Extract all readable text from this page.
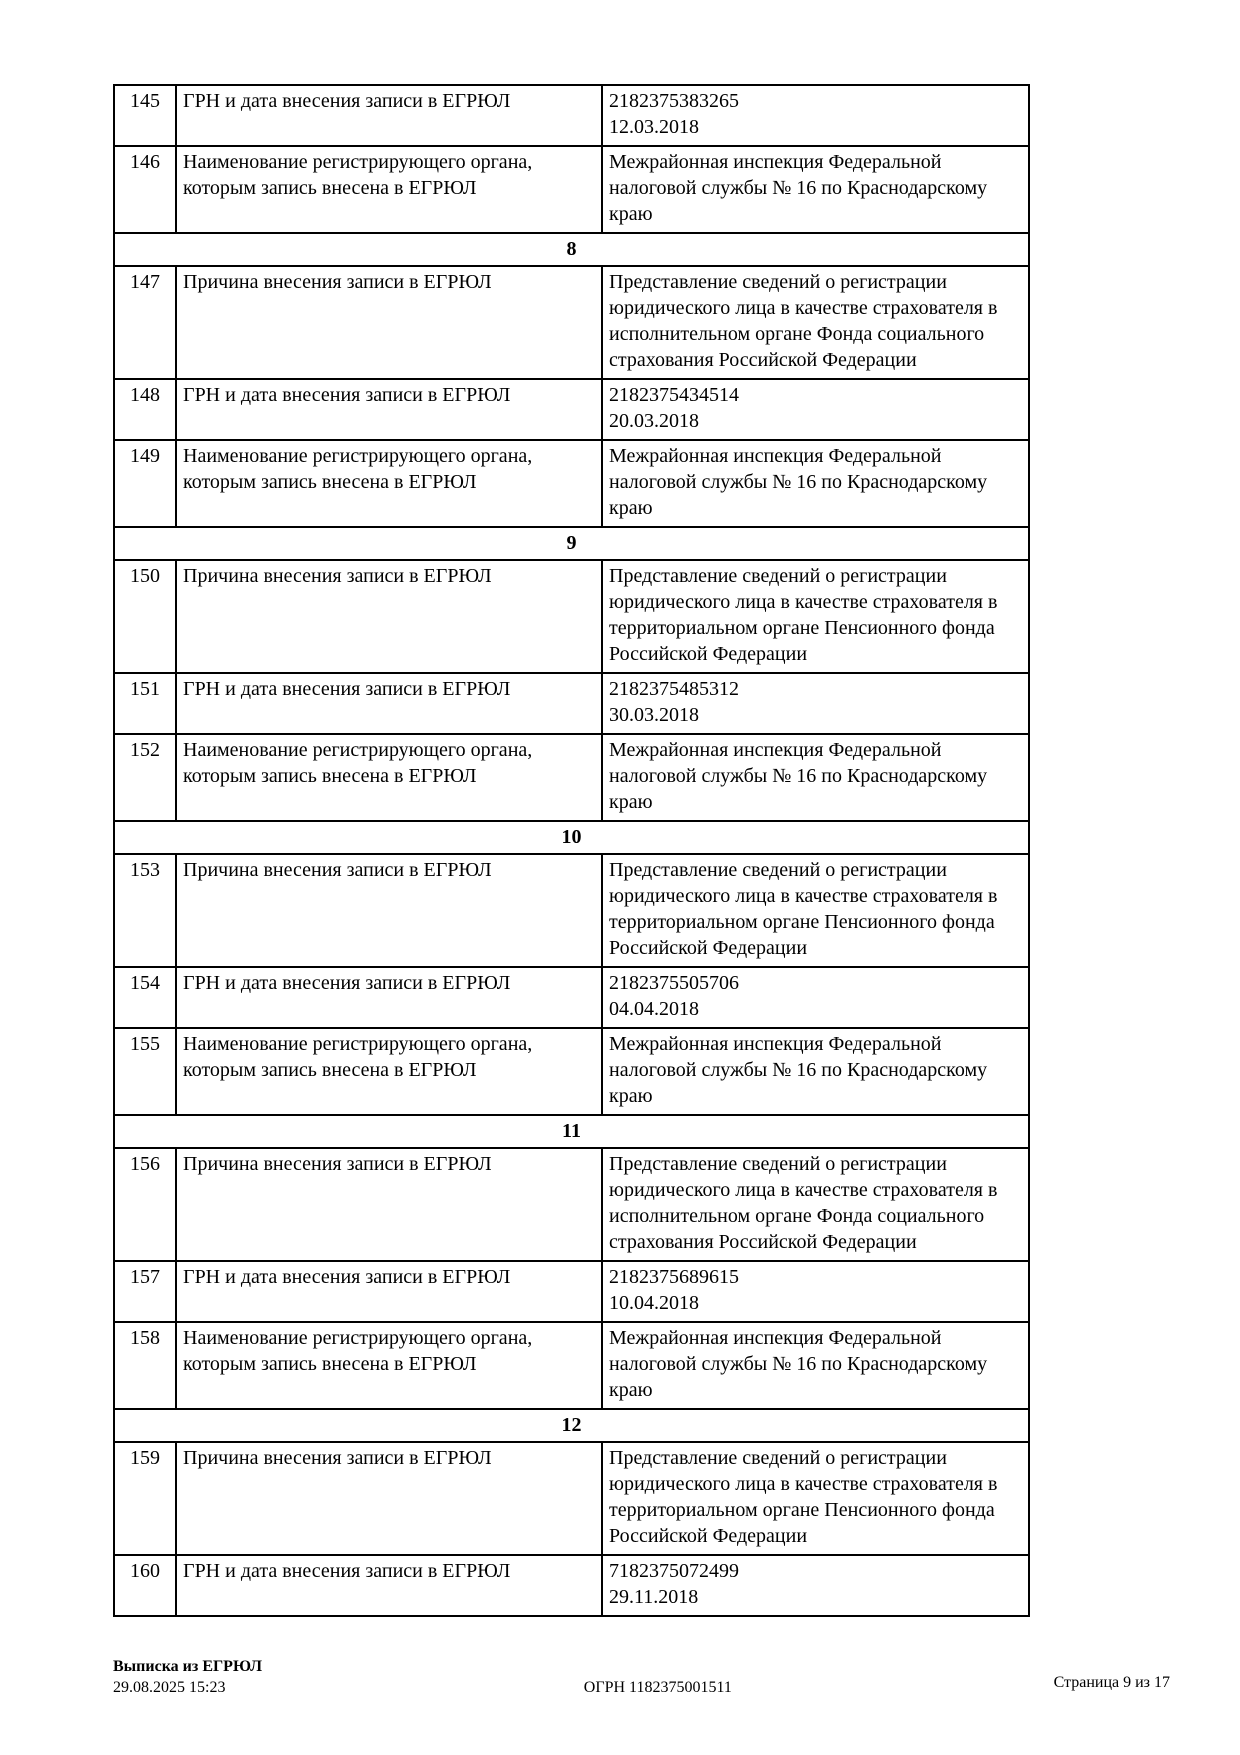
145	ГРН и дата внесения записи в ЕГРЮЛ	2182375383265
12.03.2018

146	Наименование регистрирующего органа, которым запись внесена в ЕГРЮЛ	Межрайонная инспекция Федеральной налоговой службы № 16 по Краснодарскому краю

8		
147	Причина внесения записи в ЕГРЮЛ	Представление сведений о регистрации юридического лица в качестве страхователя в исполнительном органе Фонда социального страхования Российской Федерации

148	ГРН и дата внесения записи в ЕГРЮЛ	2182375434514
20.03.2018

149	Наименование регистрирующего органа, которым запись внесена в ЕГРЮЛ	Межрайонная инспекция Федеральной налоговой службы № 16 по Краснодарскому краю

9		
150	Причина внесения записи в ЕГРЮЛ	Представление сведений о регистрации юридического лица в качестве страхователя в территориальном органе Пенсионного фонда Российской Федерации

151	ГРН и дата внесения записи в ЕГРЮЛ	2182375485312
30.03.2018

152	Наименование регистрирующего органа, которым запись внесена в ЕГРЮЛ	Межрайонная инспекция Федеральной налоговой службы № 16 по Краснодарскому краю

10		
153	Причина внесения записи в ЕГРЮЛ	Представление сведений о регистрации юридического лица в качестве страхователя в территориальном органе Пенсионного фонда Российской Федерации

154	ГРН и дата внесения записи в ЕГРЮЛ	2182375505706
04.04.2018

155	Наименование регистрирующего органа, которым запись внесена в ЕГРЮЛ	Межрайонная инспекция Федеральной налоговой службы № 16 по Краснодарскому краю

11		
156	Причина внесения записи в ЕГРЮЛ	Представление сведений о регистрации юридического лица в качестве страхователя в исполнительном органе Фонда социального страхования Российской Федерации

157	ГРН и дата внесения записи в ЕГРЮЛ	2182375689615
10.04.2018

158	Наименование регистрирующего органа, которым запись внесена в ЕГРЮЛ	Межрайонная инспекция Федеральной налоговой службы № 16 по Краснодарскому краю

12		
159	Причина внесения записи в ЕГРЮЛ	Представление сведений о регистрации юридического лица в качестве страхователя в территориальном органе Пенсионного фонда Российской Федерации

160	ГРН и дата внесения записи в ЕГРЮЛ	7182375072499
29.11.2018
Выписка из ЕГРЮЛ
29.08.2025 15:23	ОГРН 1182375001511	Страница 9 из 17
